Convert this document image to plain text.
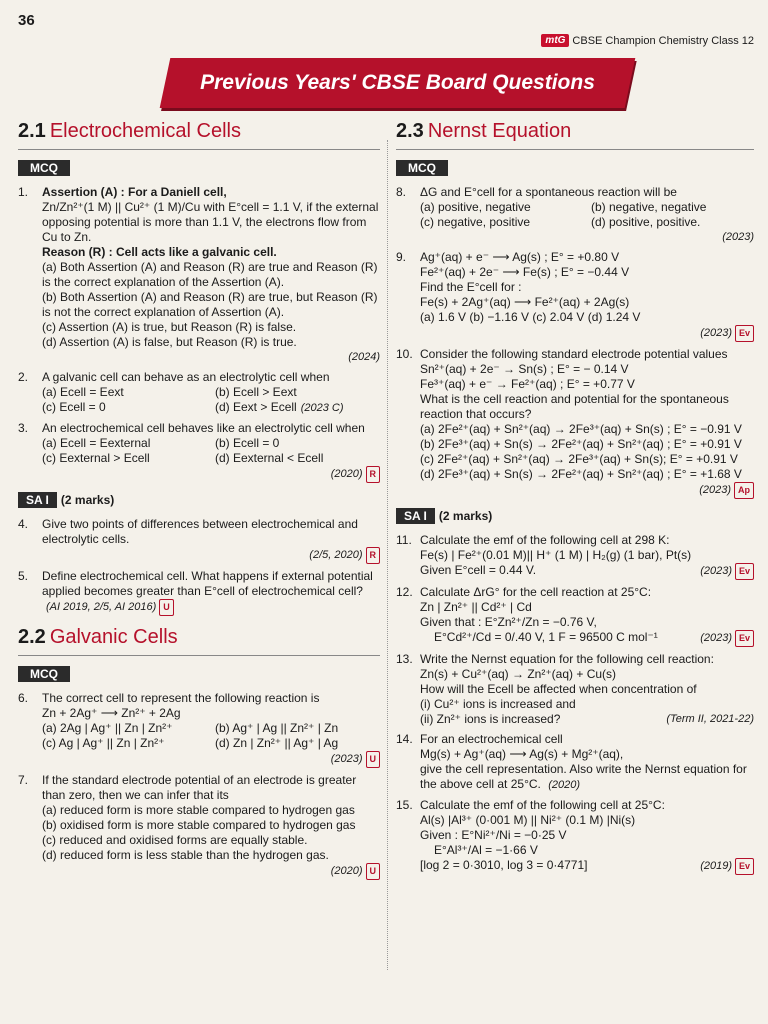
36
mtG CBSE Champion Chemistry Class 12
Previous Years' CBSE Board Questions
2.1 Electrochemical Cells
MCQ
1.	Assertion (A) : For a Daniell cell,
Zn/Zn²⁺(1 M) || Cu²⁺ (1 M)/Cu with E°cell = 1.1 V, if the external opposing potential is more than 1.1 V, the electrons flow from Cu to Zn.
Reason (R) : Cell acts like a galvanic cell.
(a) Both Assertion (A) and Reason (R) are true and Reason (R) is the correct explanation of the Assertion (A).
(b) Both Assertion (A) and Reason (R) are true, but Reason (R) is not the correct explanation of Assertion (A).
(c) Assertion (A) is true, but Reason (R) is false.
(d) Assertion (A) is false, but Reason (R) is true.
(2024)
2.	A galvanic cell can behave as an electrolytic cell when
(a) Ecell = Eext	(b) Ecell > Eext
(c) Ecell = 0	(d) Eext > Ecell (2023 C)
3.	An electrochemical cell behaves like an electrolytic cell when
(a) Ecell = Eexternal	(b) Ecell = 0
(c) Eexternal > Ecell	(d) Eexternal < Ecell
(2020) R
SA I (2 marks)
4.	Give two points of differences between electrochemical and electrolytic cells.
(2/5, 2020) R
5.	Define electrochemical cell. What happens if external potential applied becomes greater than E°cell of electrochemical cell? (AI 2019, 2/5, AI 2016) U
2.2 Galvanic Cells
MCQ
6.	The correct cell to represent the following reaction is
Zn + 2Ag⁺ ⟶ Zn²⁺ + 2Ag
(a) 2Ag | Ag⁺ || Zn | Zn²⁺	(b) Ag⁺ | Ag || Zn²⁺ | Zn
(c) Ag | Ag⁺ || Zn | Zn²⁺	(d) Zn | Zn²⁺ || Ag⁺ | Ag
(2023) U
7.	If the standard electrode potential of an electrode is greater than zero, then we can infer that its
(a) reduced form is more stable compared to hydrogen gas
(b) oxidised form is more stable compared to hydrogen gas
(c) reduced and oxidised forms are equally stable.
(d) reduced form is less stable than the hydrogen gas.
(2020) U
2.3 Nernst Equation
MCQ
8.	ΔG and E°cell for a spontaneous reaction will be
(a) positive, negative	(b) negative, negative
(c) negative, positive	(d) positive, positive.
(2023)
9.	Ag⁺(aq) + e⁻ ⟶ Ag(s) ; E° = +0.80 V
Fe²⁺(aq) + 2e⁻ ⟶ Fe(s) ; E° = −0.44 V
Find the E°cell for :
Fe(s) + 2Ag⁺(aq) ⟶ Fe²⁺(aq) + 2Ag(s)
(a) 1.6 V (b) −1.16 V (c) 2.04 V (d) 1.24 V
(2023) Ev
10. Consider the following standard electrode potential values
Sn²⁺(aq) + 2e⁻ → Sn(s) ; E° = − 0.14 V
Fe³⁺(aq) + e⁻ → Fe²⁺(aq) ; E° = +0.77 V
What is the cell reaction and potential for the spontaneous reaction that occurs?
(a) 2Fe²⁺(aq) + Sn²⁺(aq) → 2Fe³⁺(aq) + Sn(s) ; E° = −0.91 V
(b) 2Fe³⁺(aq) + Sn(s) → 2Fe²⁺(aq) + Sn²⁺(aq) ; E° = +0.91 V
(c) 2Fe²⁺(aq) + Sn²⁺(aq) → 2Fe³⁺(aq) + Sn(s); E° = +0.91 V
(d) 2Fe³⁺(aq) + Sn(s) → 2Fe²⁺(aq) + Sn²⁺(aq) ; E° = +1.68 V
(2023) Ap
SA I (2 marks)
11. Calculate the emf of the following cell at 298 K:
Fe(s) | Fe²⁺(0.01 M)|| H⁺ (1 M) | H₂(g) (1 bar), Pt(s)
Given E°cell = 0.44 V.	(2023) Ev
12. Calculate ΔrG° for the cell reaction at 25°C:
Zn | Zn²⁺ || Cd²⁺ | Cd
Given that : E°Zn²⁺/Zn = −0.76 V,
E°Cd²⁺/Cd = 0/.40 V, 1 F = 96500 C mol⁻¹	(2023) Ev
13. Write the Nernst equation for the following cell reaction:
Zn(s) + Cu²⁺(aq) → Zn²⁺(aq) + Cu(s)
How will the Ecell be affected when concentration of
(i) Cu²⁺ ions is increased and
(ii) Zn²⁺ ions is increased?	(Term II, 2021-22)
14. For an electrochemical cell
Mg(s) + Ag⁺(aq) ⟶ Ag(s) + Mg²⁺(aq),
give the cell representation. Also write the Nernst equation for the above cell at 25°C. (2020)
15. Calculate the emf of the following cell at 25°C:
Al(s) |Al³⁺ (0·001 M) || Ni²⁺ (0.1 M) |Ni(s)
Given : E°Ni²⁺/Ni = −0·25 V
E°Al³⁺/Al = −1·66 V
[log 2 = 0·3010, log 3 = 0·4771]	(2019) Ev
